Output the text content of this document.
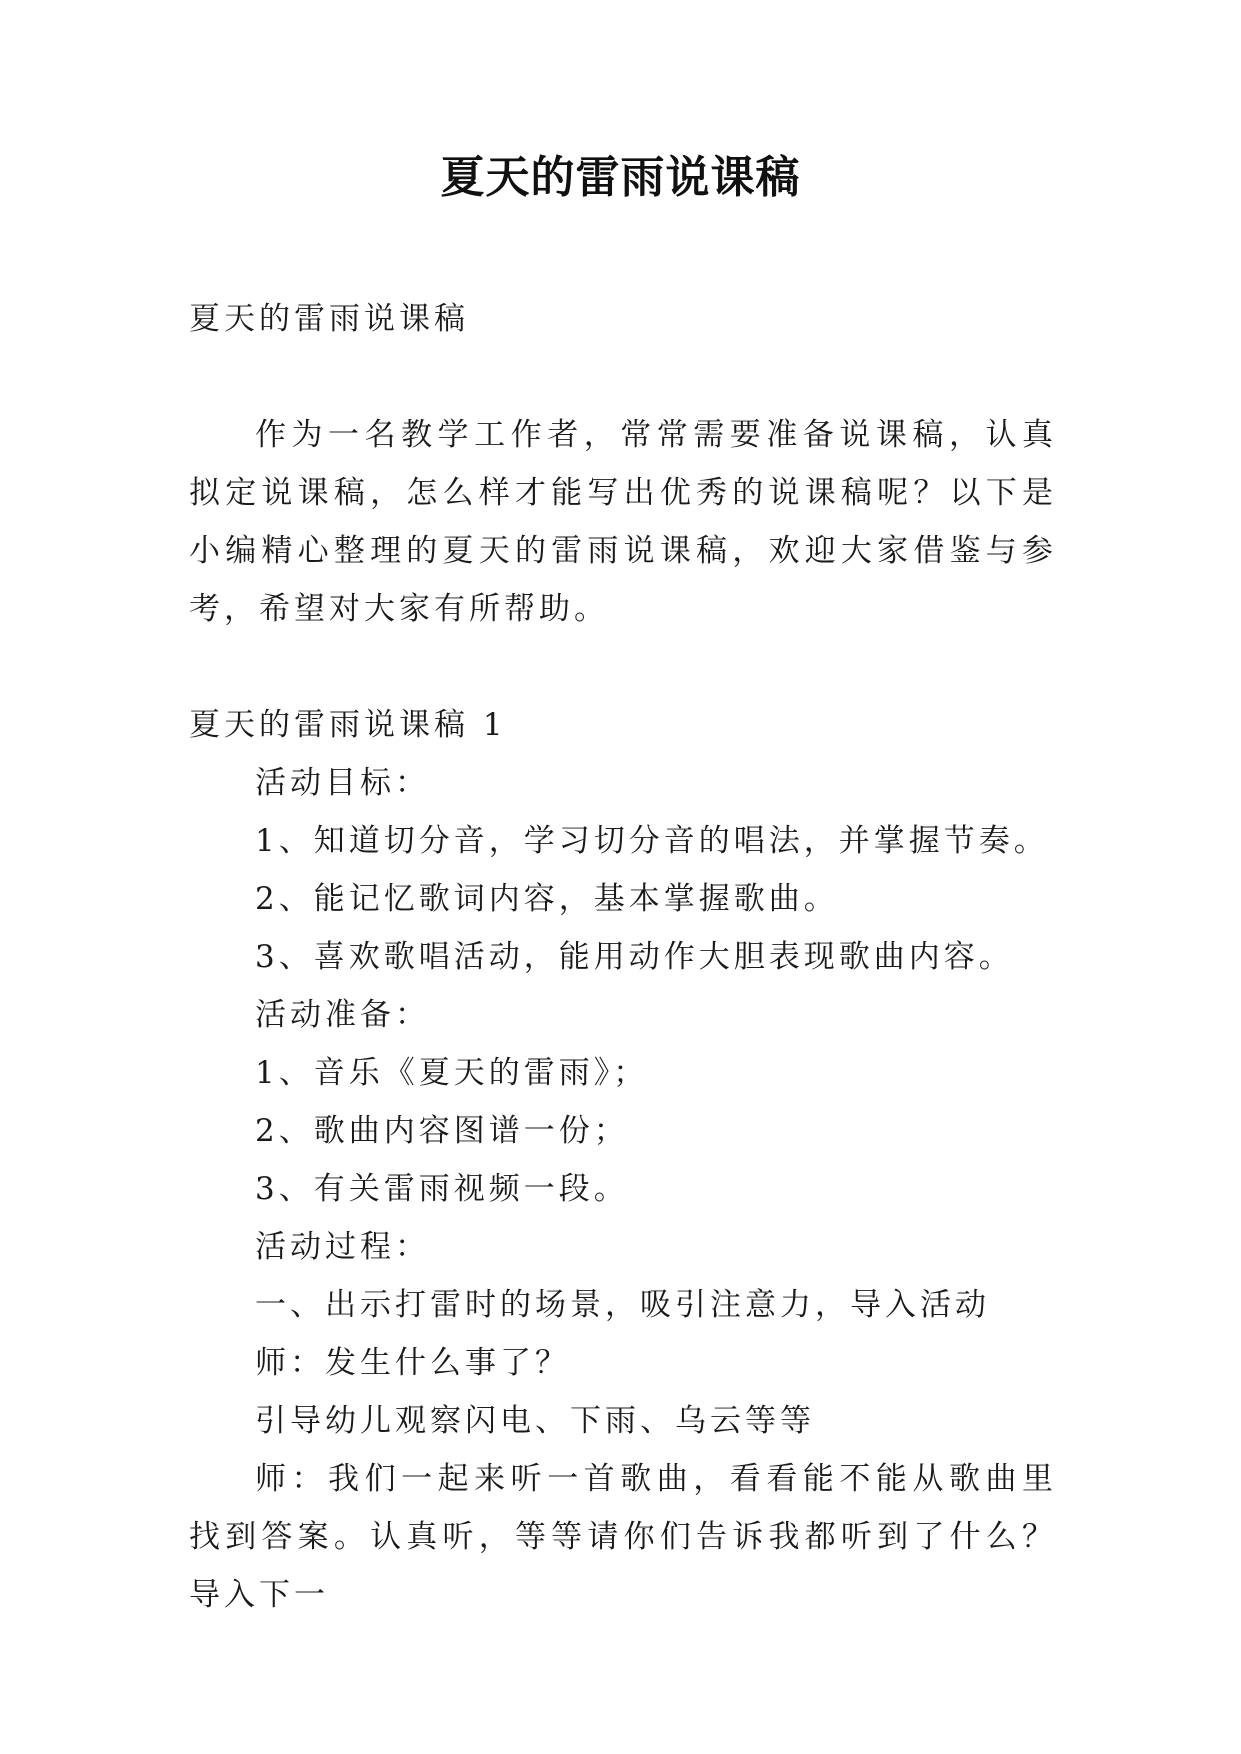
夏天的雷雨说课稿

夏天的雷雨说课稿

作为一名教学工作者，常常需要准备说课稿，认真拟定说课稿，怎么样才能写出优秀的说课稿呢？以下是小编精心整理的夏天的雷雨说课稿，欢迎大家借鉴与参考，希望对大家有所帮助。

夏天的雷雨说课稿 1

活动目标：

1、知道切分音，学习切分音的唱法，并掌握节奏。

2、能记忆歌词内容，基本掌握歌曲。

3、喜欢歌唱活动，能用动作大胆表现歌曲内容。

活动准备：

1、音乐《夏天的雷雨》；

2、歌曲内容图谱一份；

3、有关雷雨视频一段。

活动过程：

一、出示打雷时的场景，吸引注意力，导入活动

师：发生什么事了？

引导幼儿观察闪电、下雨、乌云等等

师：我们一起来听一首歌曲，看看能不能从歌曲里找到答案。认真听，等等请你们告诉我都听到了什么？导入下一
